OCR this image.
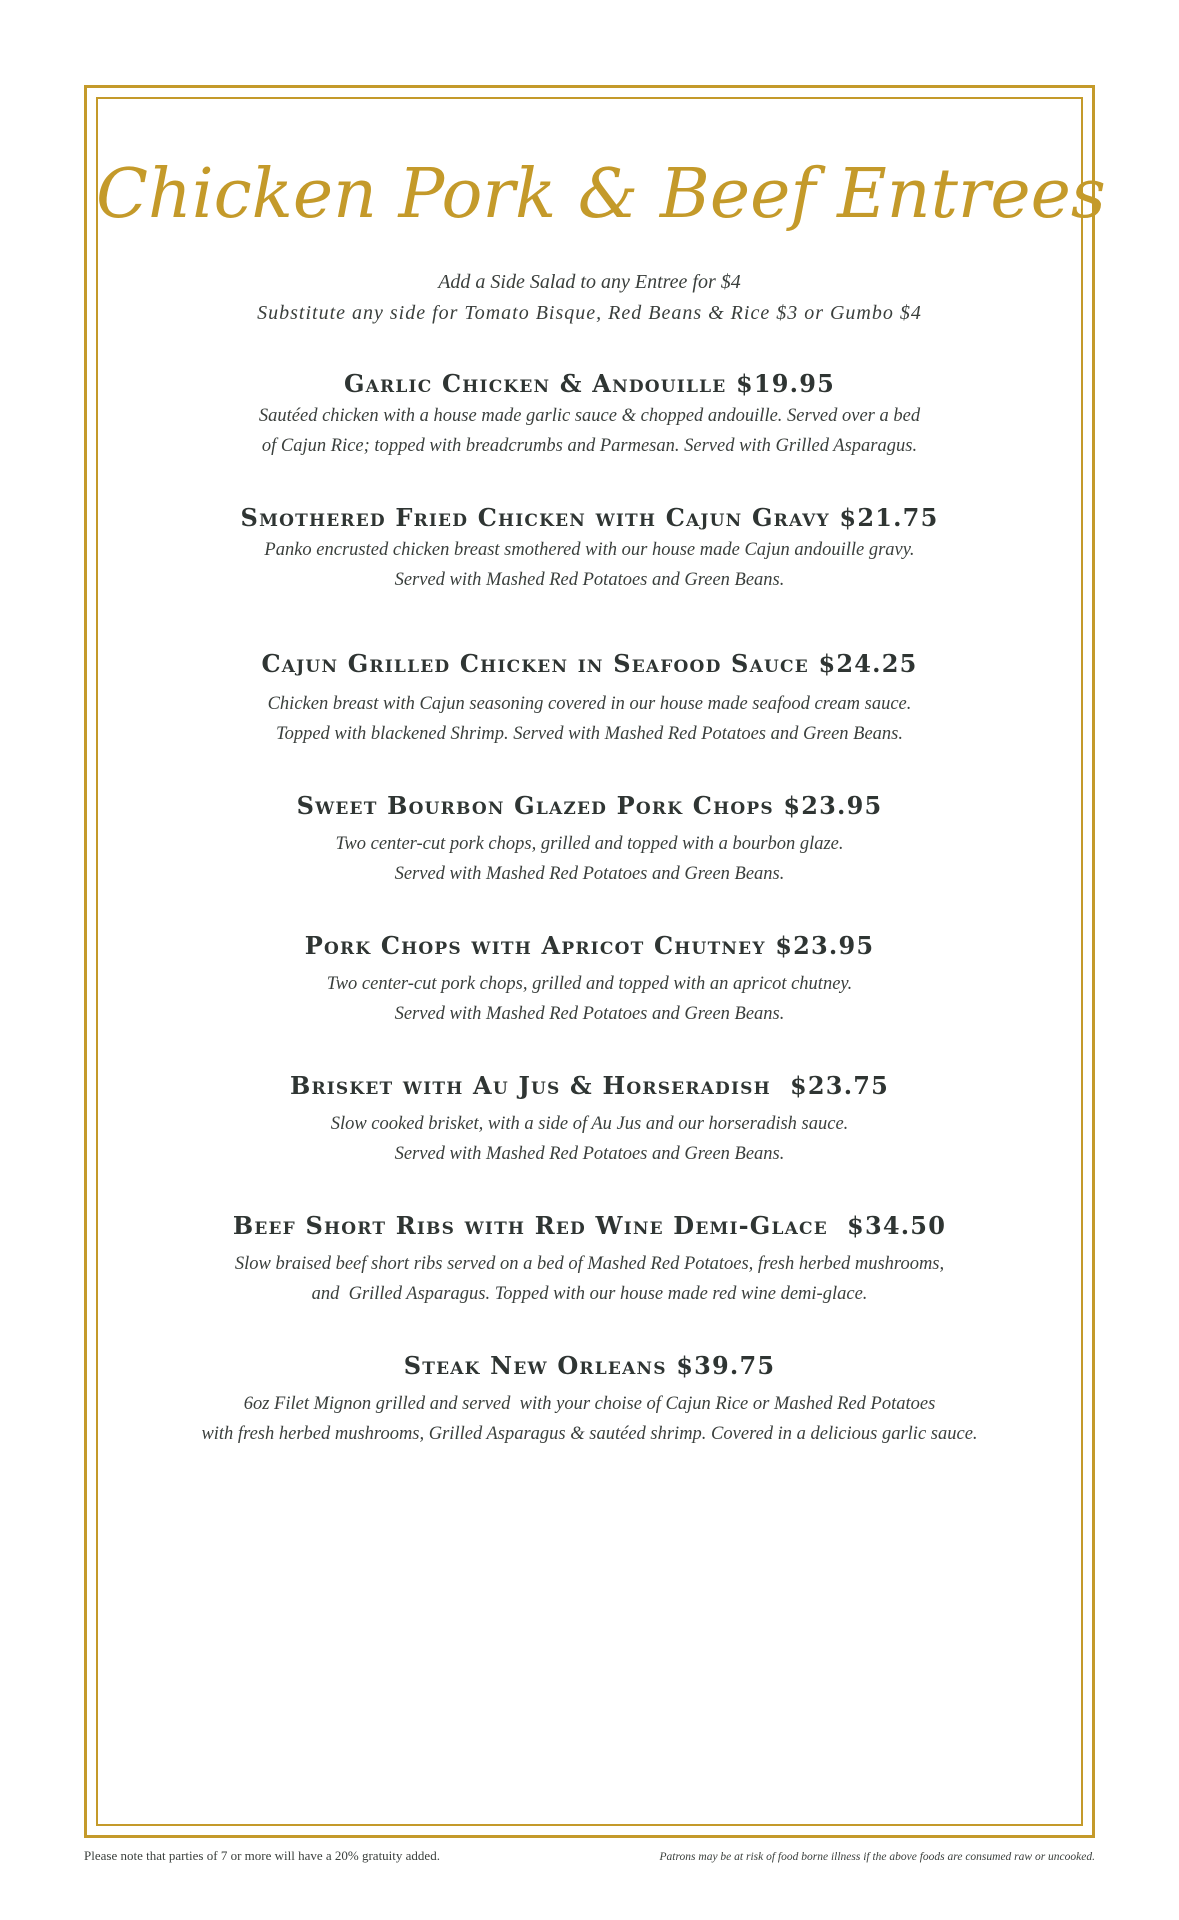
Chicken Pork & Beef Entrees
Add a Side Salad to any Entree for $4
Substitute any side for Tomato Bisque, Red Beans & Rice $3 or Gumbo $4
Garlic Chicken & Andouille $19.95
Sautéed chicken with a house made garlic sauce & chopped andouille. Served over a bed
of Cajun Rice; topped with breadcrumbs and Parmesan. Served with Grilled Asparagus.
Smothered Fried Chicken with Cajun Gravy $21.75
Panko encrusted chicken breast smothered with our house made Cajun andouille gravy.
Served with Mashed Red Potatoes and Green Beans.
Cajun Grilled Chicken in Seafood Sauce $24.25
Chicken breast with Cajun seasoning covered in our house made seafood cream sauce.
Topped with blackened Shrimp. Served with Mashed Red Potatoes and Green Beans.
Sweet Bourbon Glazed Pork Chops $23.95
Two center-cut pork chops, grilled and topped with a bourbon glaze.
Served with Mashed Red Potatoes and Green Beans.
Pork Chops with Apricot Chutney $23.95
Two center-cut pork chops, grilled and topped with an apricot chutney.
Served with Mashed Red Potatoes and Green Beans.
Brisket with Au Jus & Horseradish  $23.75
Slow cooked brisket, with a side of Au Jus and our horseradish sauce.
Served with Mashed Red Potatoes and Green Beans.
Beef Short Ribs with Red Wine Demi-Glace  $34.50
Slow braised beef short ribs served on a bed of Mashed Red Potatoes, fresh herbed mushrooms,
and  Grilled Asparagus. Topped with our house made red wine demi-glace.
Steak New Orleans $39.75
6oz Filet Mignon grilled and served  with your choise of Cajun Rice or Mashed Red Potatoes
with fresh herbed mushrooms, Grilled Asparagus & sautéed shrimp. Covered in a delicious garlic sauce.
Please note that parties of 7 or more will have a 20% gratuity added.	Patrons may be at risk of food borne illness if the above foods are consumed raw or uncooked.
